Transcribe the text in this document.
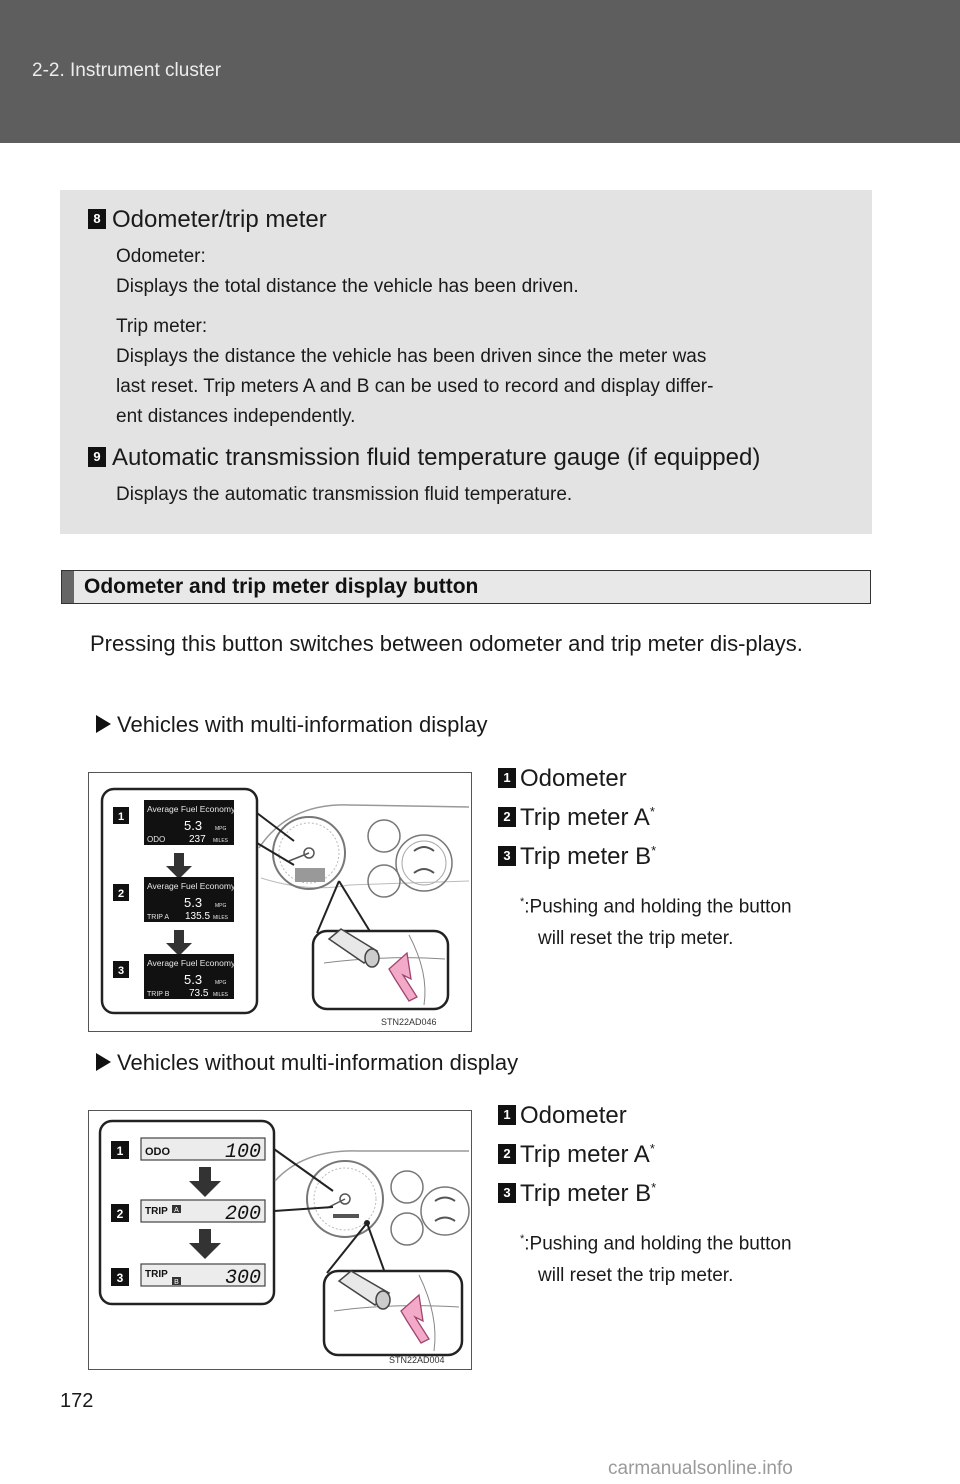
2-2. Instrument cluster
8 Odometer/trip meter
Odometer:
Displays the total distance the vehicle has been driven.
Trip meter:
Displays the distance the vehicle has been driven since the meter was
last reset. Trip meters A and B can be used to record and display differ-
ent distances independently.
9 Automatic transmission fluid temperature gauge (if equipped)
Displays the automatic transmission fluid temperature.
Odometer and trip meter display button
Pressing this button switches between odometer and trip meter dis-plays.
Vehicles with multi-information display
1
Average Fuel Economy
5.3	MPG
ODO 237 MILES
2
Average Fuel Economy
5.3	MPG
TRIP A 135.5 MILES
3
Average Fuel Economy
5.3	MPG
TRIP B 73.5 MILES
STN22AD046
1 Odometer
2 Trip meter A*
3 Trip meter B*
*:Pushing and holding the button
will reset the trip meter.
Vehicles without multi-information display
1 ODO	100
2 TRIP A 200
3 TRIP
B 300
STN22AD004
1 Odometer
2 Trip meter A*
3 Trip meter B*
*:Pushing and holding the button
will reset the trip meter.
172
carmanualsonline.info
